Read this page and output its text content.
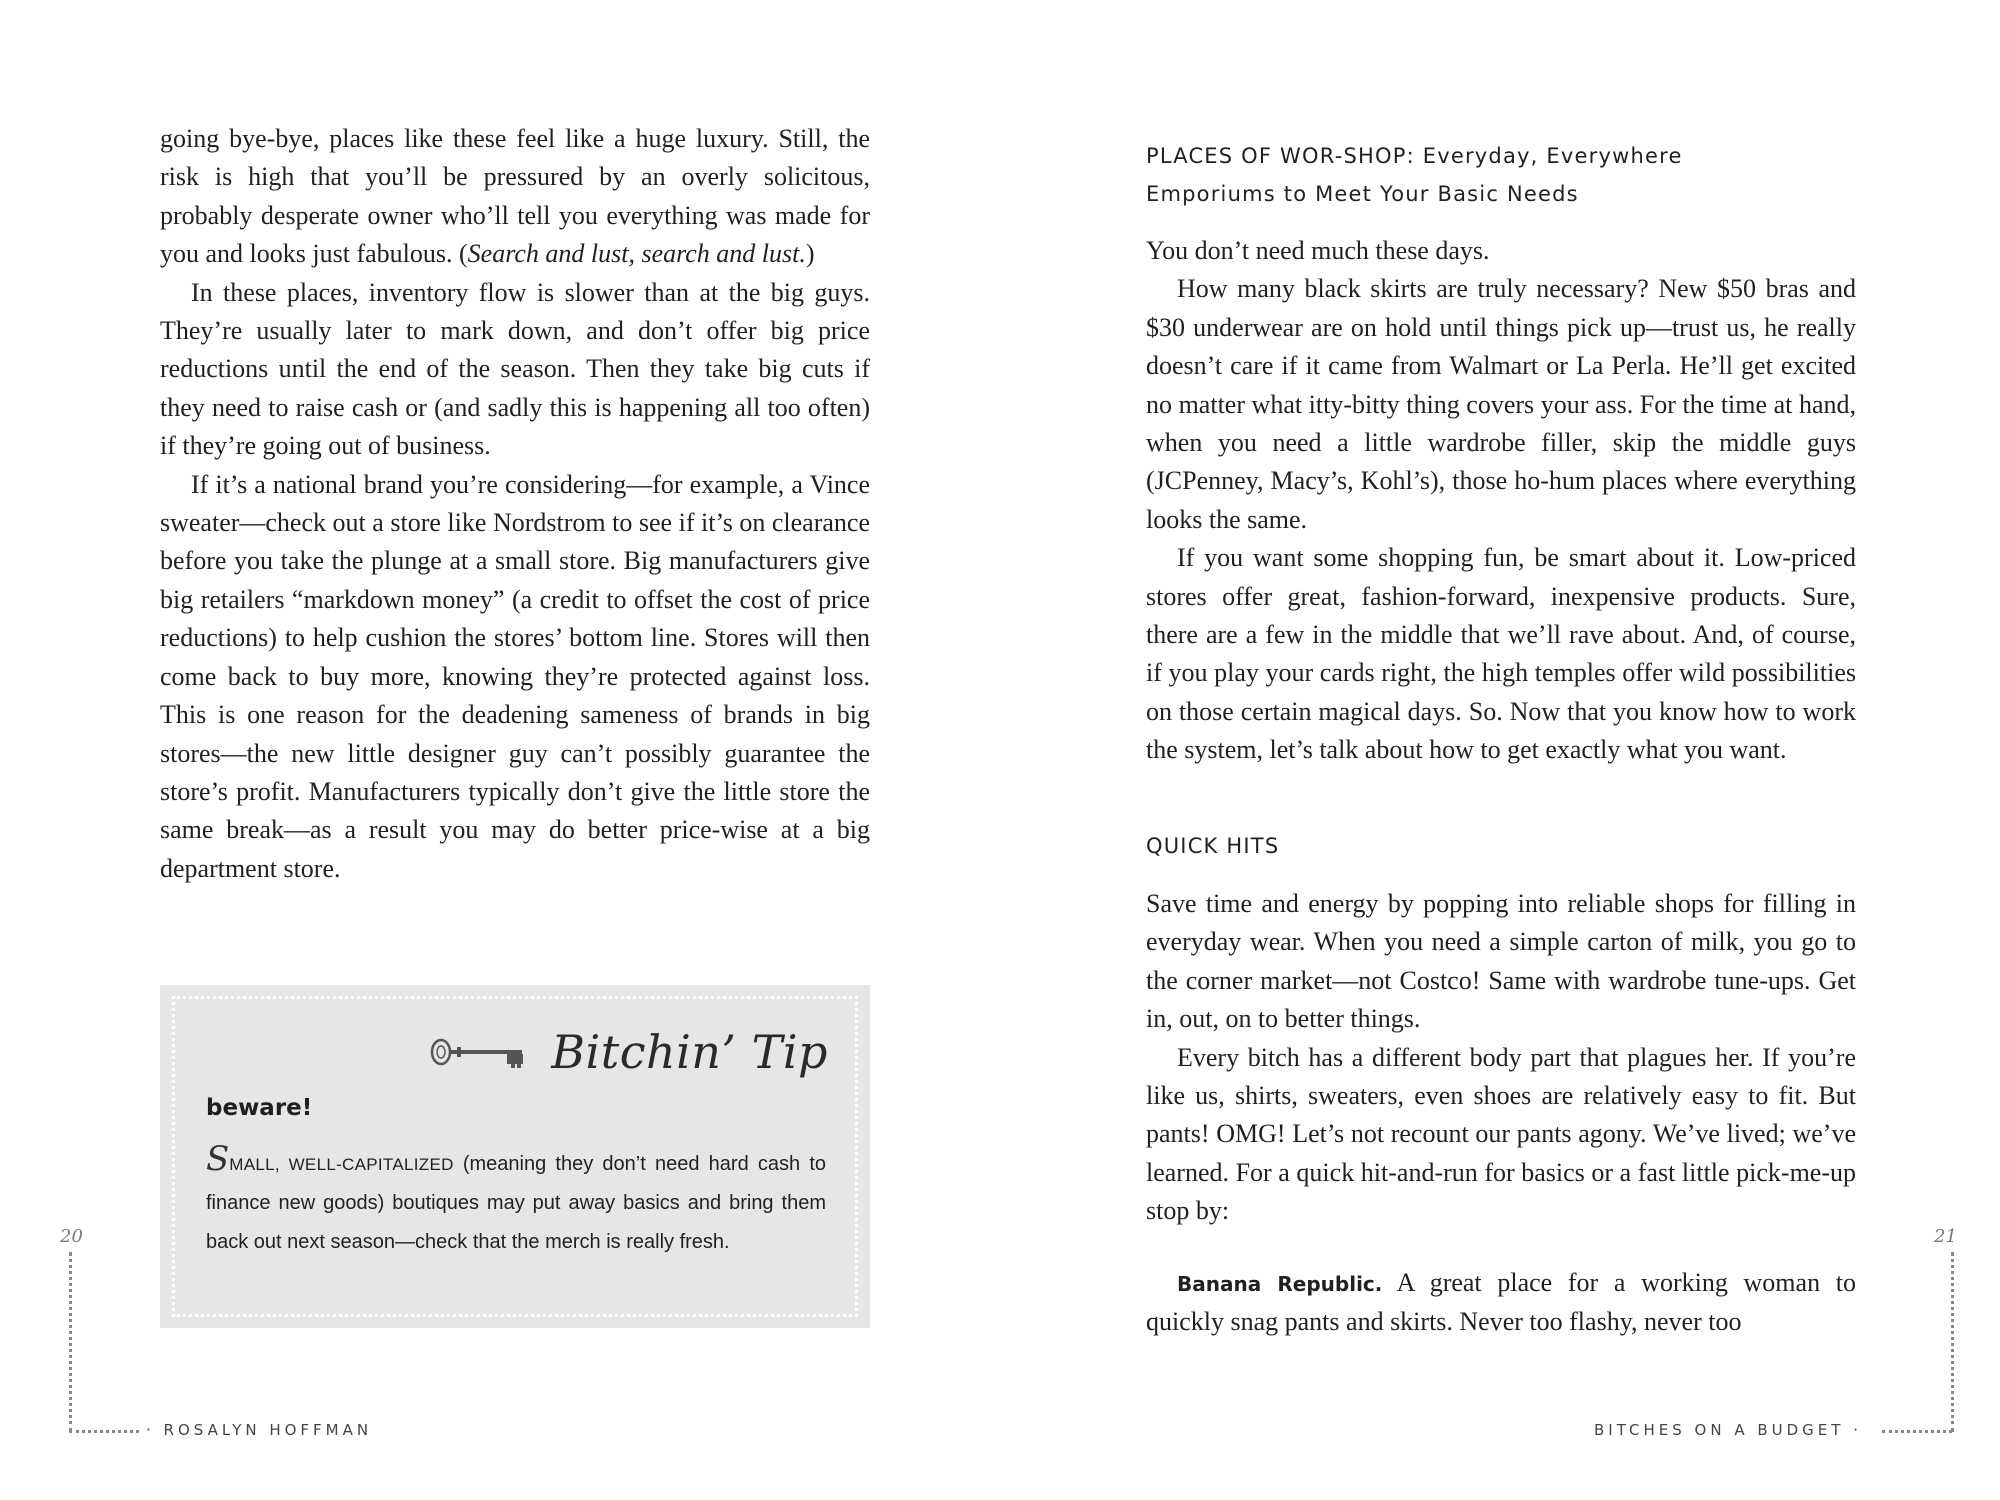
going bye-bye, places like these feel like a huge luxury. Still, the risk is high that you’ll be pressured by an overly solicitous, probably desperate owner who’ll tell you everything was made for you and looks just fabulous. (Search and lust, search and lust.)

In these places, inventory flow is slower than at the big guys. They’re usually later to mark down, and don’t offer big price reductions until the end of the season. Then they take big cuts if they need to raise cash or (and sadly this is happening all too often) if they’re going out of business.

If it’s a national brand you’re considering—for example, a Vince sweater—check out a store like Nordstrom to see if it’s on clearance before you take the plunge at a small store. Big manufacturers give big retailers “markdown money” (a credit to offset the cost of price reductions) to help cushion the stores’ bottom line. Stores will then come back to buy more, knowing they’re protected against loss. This is one reason for the deadening sameness of brands in big stores—the new little designer guy can’t possibly guarantee the store’s profit. Manufacturers typically don’t give the little store the same break—as a result you may do better price-wise at a big department store.

Bitchin’ Tip
beware!
SMALL, WELL-CAPITALIZED (meaning they don’t need hard cash to finance new goods) boutiques may put away basics and bring them back out next season—check that the merch is really fresh.
20
· ROSALYN HOFFMAN
PLACES OF WOR-SHOP: Everyday, Everywhere
Emporiums to Meet Your Basic Needs

You don’t need much these days.

How many black skirts are truly necessary? New $50 bras and $30 underwear are on hold until things pick up—trust us, he really doesn’t care if it came from Walmart or La Perla. He’ll get excited no matter what itty-bitty thing covers your ass. For the time at hand, when you need a little wardrobe filler, skip the middle guys (JCPenney, Macy’s, Kohl’s), those ho-hum places where everything looks the same.

If you want some shopping fun, be smart about it. Low-priced stores offer great, fashion-forward, inexpensive products. Sure, there are a few in the middle that we’ll rave about. And, of course, if you play your cards right, the high temples offer wild possibilities on those certain magical days. So. Now that you know how to work the system, let’s talk about how to get exactly what you want.

QUICK HITS

Save time and energy by popping into reliable shops for filling in everyday wear. When you need a simple carton of milk, you go to the corner market—not Costco! Same with wardrobe tune-ups. Get in, out, on to better things.

Every bitch has a different body part that plagues her. If you’re like us, shirts, sweaters, even shoes are relatively easy to fit. But pants! OMG! Let’s not recount our pants agony. We’ve lived; we’ve learned. For a quick hit-and-run for basics or a fast little pick-me-up stop by:

Banana Republic. A great place for a working woman to quickly snag pants and skirts. Never too flashy, never too

21
BITCHES ON A BUDGET ·
